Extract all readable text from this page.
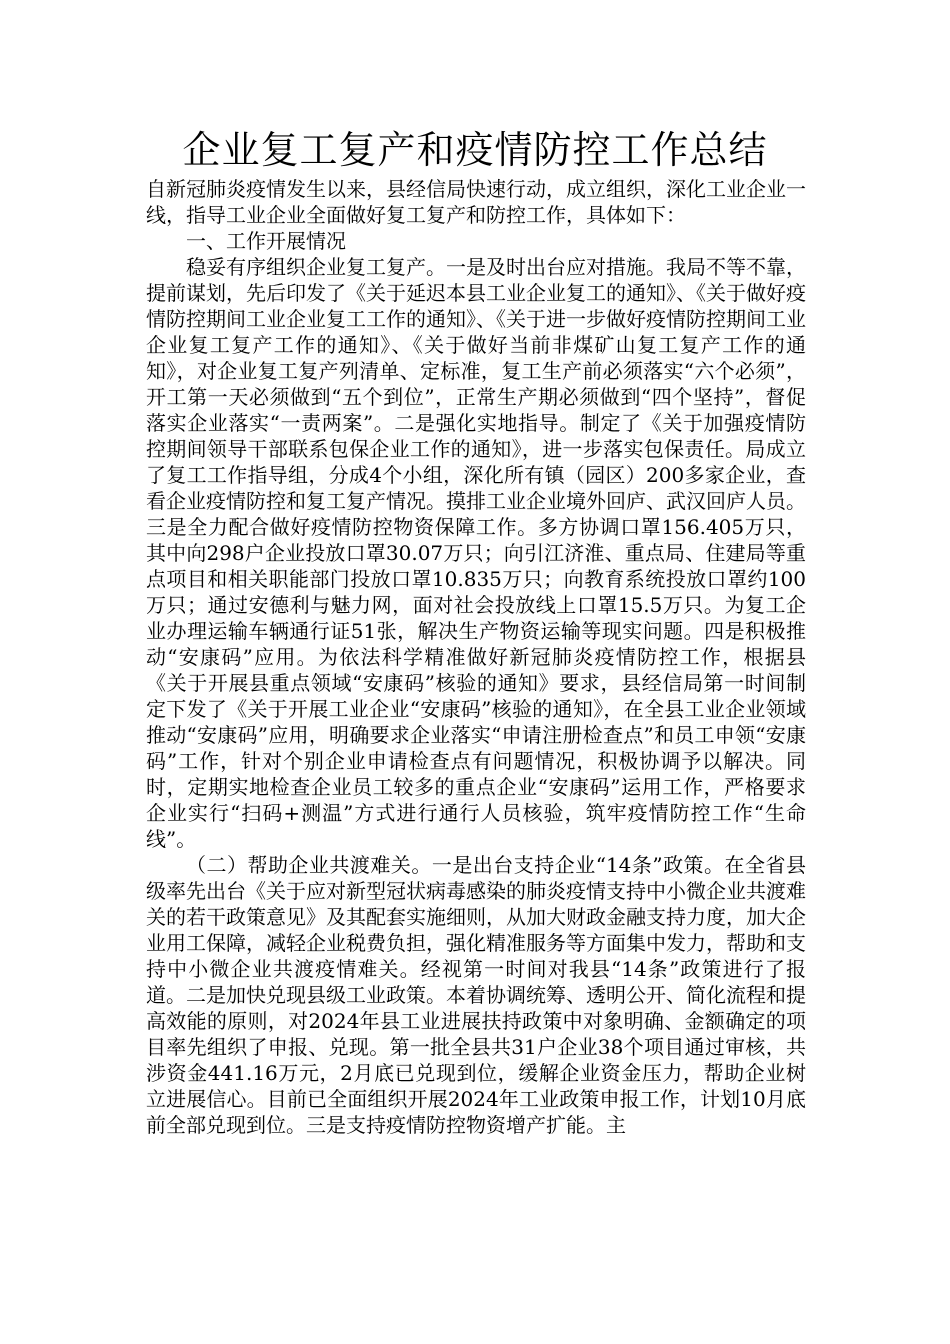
企业复工复产和疫情防控工作总结

自新冠肺炎疫情发生以来，县经信局快速行动，成立组织，深化工业企业一线，指导工业企业全面做好复工复产和防控工作，具体如下：

一、工作开展情况

稳妥有序组织企业复工复产。一是及时出台应对措施。我局不等不靠，提前谋划，先后印发了《关于延迟本县工业企业复工的通知》、《关于做好疫情防控期间工业企业复工工作的通知》、《关于进一步做好疫情防控期间工业企业复工复产工作的通知》、《关于做好当前非煤矿山复工复产工作的通知》，对企业复工复产列清单、定标准，复工生产前必须落实“六个必须”，开工第一天必须做到“五个到位”，正常生产期必须做到“四个坚持”，督促落实企业落实“一责两案”。二是强化实地指导。制定了《关于加强疫情防控期间领导干部联系包保企业工作的通知》，进一步落实包保责任。局成立了复工工作指导组，分成4个小组，深化所有镇（园区）200多家企业，查看企业疫情防控和复工复产情况。摸排工业企业境外回庐、武汉回庐人员。三是全力配合做好疫情防控物资保障工作。多方协调口罩156.405万只，其中向298户企业投放口罩30.07万只；向引江济淮、重点局、住建局等重点项目和相关职能部门投放口罩10.835万只；向教育系统投放口罩约100万只；通过安德利与魅力网，面对社会投放线上口罩15.5万只。为复工企业办理运输车辆通行证51张，解决生产物资运输等现实问题。四是积极推动“安康码”应用。为依法科学精准做好新冠肺炎疫情防控工作，根据县《关于开展县重点领域“安康码”核验的通知》要求，县经信局第一时间制定下发了《关于开展工业企业“安康码”核验的通知》，在全县工业企业领域推动“安康码”应用，明确要求企业落实“申请注册检查点”和员工申领“安康码”工作，针对个别企业申请检查点有问题情况，积极协调予以解决。同时，定期实地检查企业员工较多的重点企业“安康码”运用工作，严格要求企业实行“扫码+测温”方式进行通行人员核验，筑牢疫情防控工作“生命线”。

（二）帮助企业共渡难关。一是出台支持企业“14条”政策。在全省县级率先出台《关于应对新型冠状病毒感染的肺炎疫情支持中小微企业共渡难关的若干政策意见》及其配套实施细则，从加大财政金融支持力度，加大企业用工保障，减轻企业税费负担，强化精准服务等方面集中发力，帮助和支持中小微企业共渡疫情难关。经视第一时间对我县“14条”政策进行了报道。二是加快兑现县级工业政策。本着协调统筹、透明公开、简化流程和提高效能的原则，对2024年县工业进展扶持政策中对象明确、金额确定的项目率先组织了申报、兑现。第一批全县共31户企业38个项目通过审核，共涉资金441.16万元，2月底已兑现到位，缓解企业资金压力，帮助企业树立进展信心。目前已全面组织开展2024年工业政策申报工作，计划10月底前全部兑现到位。三是支持疫情防控物资增产扩能。主
